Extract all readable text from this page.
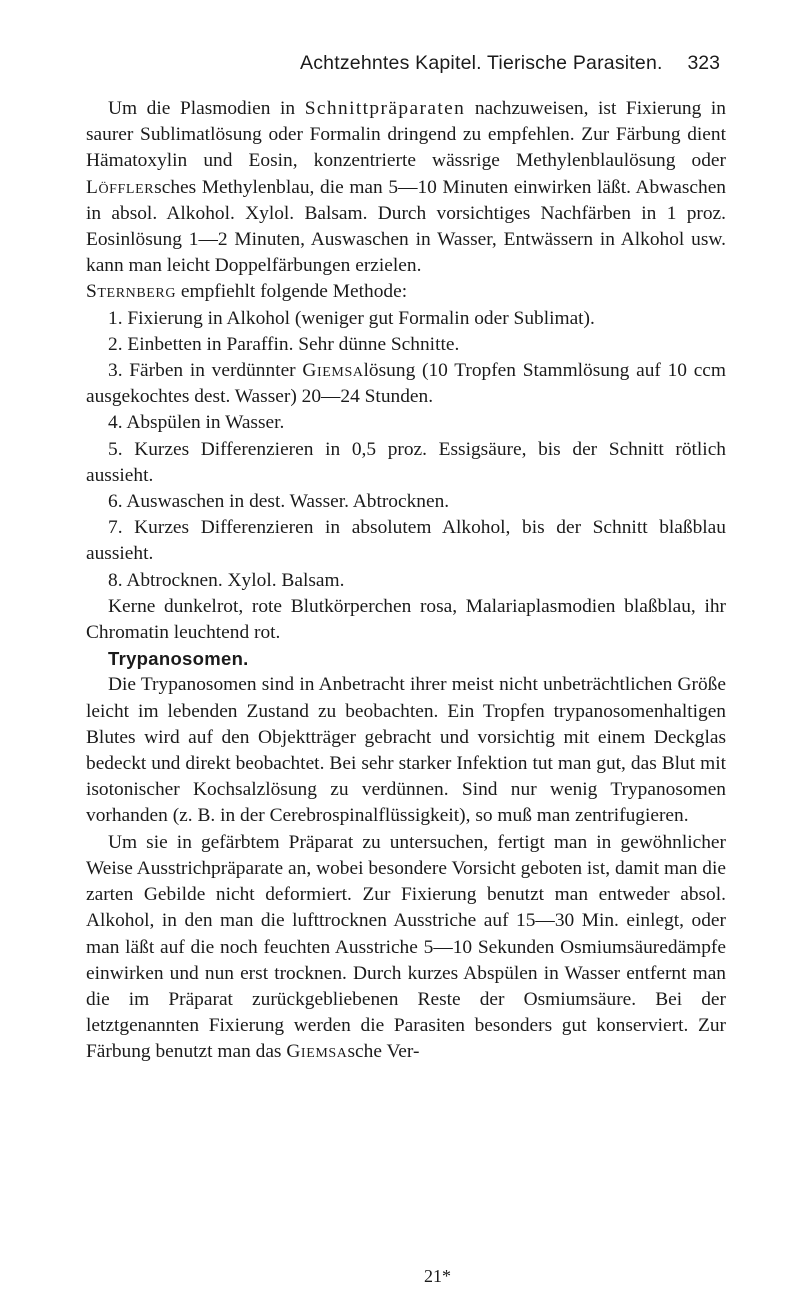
Achtzehntes Kapitel. Tierische Parasiten. 323

Um die Plasmodien in Schnittpräparaten nachzuweisen, ist Fixierung in saurer Sublimatlösung oder Formalin dringend zu empfehlen. Zur Färbung dient Hämatoxylin und Eosin, konzentrierte wässrige Methylenblaulösung oder Löfflersches Methylenblau, die man 5—10 Minuten einwirken läßt. Abwaschen in absol. Alkohol. Xylol. Balsam. Durch vorsichtiges Nachfärben in 1 proz. Eosinlösung 1—2 Minuten, Auswaschen in Wasser, Entwässern in Alkohol usw. kann man leicht Doppelfärbungen erzielen.

Sternberg empfiehlt folgende Methode:

1. Fixierung in Alkohol (weniger gut Formalin oder Sublimat).

2. Einbetten in Paraffin. Sehr dünne Schnitte.

3. Färben in verdünnter Giemsalösung (10 Tropfen Stammlösung auf 10 ccm ausgekochtes dest. Wasser) 20—24 Stunden.

4. Abspülen in Wasser.

5. Kurzes Differenzieren in 0,5 proz. Essigsäure, bis der Schnitt rötlich aussieht.

6. Auswaschen in dest. Wasser. Abtrocknen.

7. Kurzes Differenzieren in absolutem Alkohol, bis der Schnitt blaßblau aussieht.

8. Abtrocknen. Xylol. Balsam.

Kerne dunkelrot, rote Blutkörperchen rosa, Malariaplasmodien blaßblau, ihr Chromatin leuchtend rot.

Trypanosomen.

Die Trypanosomen sind in Anbetracht ihrer meist nicht unbeträchtlichen Größe leicht im lebenden Zustand zu beobachten. Ein Tropfen trypanosomenhaltigen Blutes wird auf den Objektträger gebracht und vorsichtig mit einem Deckglas bedeckt und direkt beobachtet. Bei sehr starker Infektion tut man gut, das Blut mit isotonischer Kochsalzlösung zu verdünnen. Sind nur wenig Trypanosomen vorhanden (z. B. in der Cerebrospinalflüssigkeit), so muß man zentrifugieren.

Um sie in gefärbtem Präparat zu untersuchen, fertigt man in gewöhnlicher Weise Ausstrichpräparate an, wobei besondere Vorsicht geboten ist, damit man die zarten Gebilde nicht deformiert. Zur Fixierung benutzt man entweder absol. Alkohol, in den man die lufttrocknen Ausstriche auf 15—30 Min. einlegt, oder man läßt auf die noch feuchten Ausstriche 5—10 Sekunden Osmiumsäuredämpfe einwirken und nun erst trocknen. Durch kurzes Abspülen in Wasser entfernt man die im Präparat zurückgebliebenen Reste der Osmiumsäure. Bei der letztgenannten Fixierung werden die Parasiten besonders gut konserviert. Zur Färbung benutzt man das Giemsasche Ver-

21*
